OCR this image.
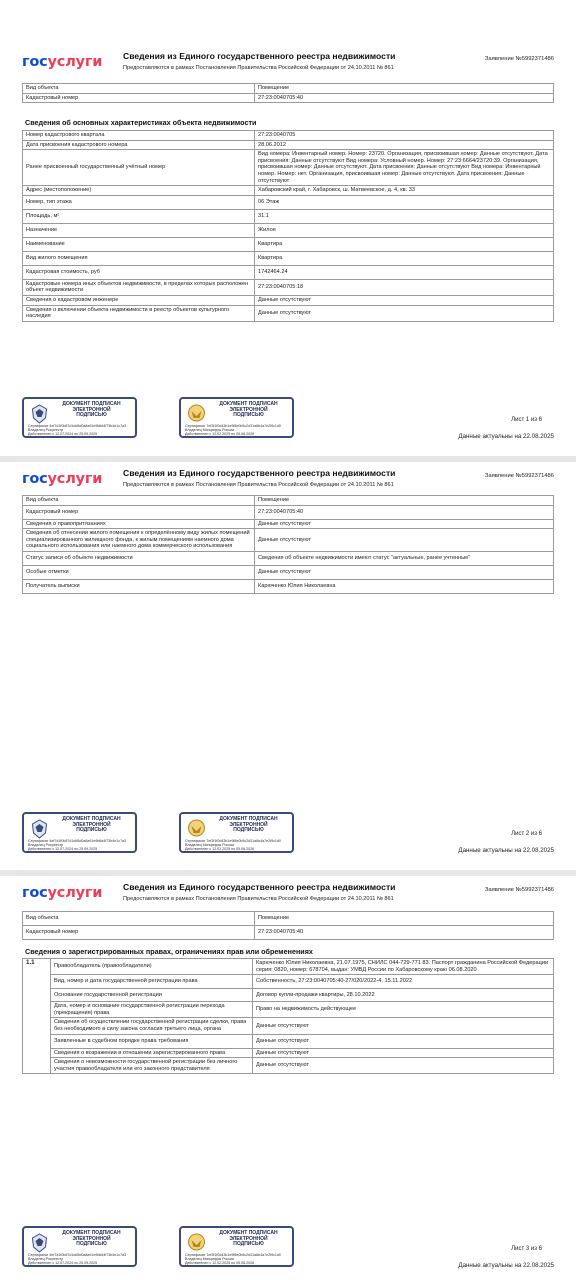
госуслуги Сведения из Единого государственного реестра недвижимости
Предоставляются в рамках Постановления Правительства Российской Федерации от 24.10.2011 № 861
Заявление №5992371486
Вид объекта	Помещение
Кадастровый номер	27:23:0040705:40
Сведения об основных характеристиках объекта недвижимости
Номер кадастрового квартала	27:23:0040705
Дата присвоения кадастрового номера	28.06.2012
Ранее присвоенный государственный учётный номер	Вид номера: Инвентарный номер. Номер: 23720. Организация, присвоившая номер: Данные отсутствуют. Дата присвоения: Данные отсутствуют Вид номера: Условный номер. Номер: 27:23:6664/23720:39. Организация, присвоившая номер: Данные отсутствуют. Дата присвоения: Данные отсутствуют Вид номера: Инвентарный номер. Номер: нет. Организация, присвоившая номер: Данные отсутствуют. Дата присвоения: Данные отсутствуют
Адрес (местоположение)	Хабаровский край, г. Хабаровск, ш. Матвеевское, д. 4, кв. 33
Номер, тип этажа	06 Этаж
Площадь, м²	31.1
Назначение	Жилое
Наименование	Квартира
Вид жилого помещения	Квартира
Кадастровая стоимость, руб	1742464.24
Кадастровые номера иных объектов недвижимости, в пределах которых расположен объект недвижимости	27:23:0040705:18
Сведения о кадастровом инженере	Данные отсутствуют
Сведения о включении объекта недвижимости в реестр объектов культурного наследия	Данные отсутствуют
ДОКУМЕНТ ПОДПИСАН
ЭЛЕКТРОННОЙ
ПОДПИСЬЮ
Сертификат 4ef7d1f0b87d1dd5d0a8a91e9b6d4f73b4e1c7a3
Владелец Росреестр
Действителен с 12.07.2024 по 25.09.2025
ДОКУМЕНТ ПОДПИСАН
ЭЛЕКТРОННОЙ
ПОДПИСЬЮ
Сертификат 7ef3f1f0d43b1e9f8e0b5c2d31a6b4a7e2f9c1d0
Владелец Минцифры России
Действителен с 12.02.2025 по 05.06.2026
Лист 1 из 6
Данные актуальны на 22.08.2025
госуслуги Сведения из Единого государственного реестра недвижимости
Предоставляются в рамках Постановления Правительства Российской Федерации от 24.10.2011 № 861
Заявление №5992371486
Вид объекта	Помещение
Кадастровый номер	27:23:0040705:40
Сведения о правопритязаниях	Данные отсутствуют
Сведения об отнесении жилого помещения к определённому виду жилых помещений специализированного жилищного фонда, к жилым помещениям наемного дома социального использования или наемного дома коммерческого использования	Данные отсутствуют
Статус записи об объекте недвижимости	Сведения об объекте недвижимости имеют статус "актуальные, ранее учтенные"
Особые отметки	Данные отсутствуют
Получатель выписки	Карюченко Юлия Николаевна
ДОКУМЕНТ ПОДПИСАН
ЭЛЕКТРОННОЙ
ПОДПИСЬЮ
Сертификат 4ef7d1f0b87d1dd5d0a8a91e9b6d4f73b4e1c7a3
Владелец Росреестр
Действителен с 12.07.2024 по 25.09.2025
ДОКУМЕНТ ПОДПИСАН
ЭЛЕКТРОННОЙ
ПОДПИСЬЮ
Сертификат 7ef3f1f0d43b1e9f8e0b5c2d31a6b4a7e2f9c1d0
Владелец Минцифры России
Действителен с 12.02.2025 по 05.06.2026
Лист 2 из 6
Данные актуальны на 22.08.2025
госуслуги Сведения из Единого государственного реестра недвижимости
Предоставляются в рамках Постановления Правительства Российской Федерации от 24.10.2011 № 861
Заявление №5992371486
Вид объекта	Помещение
Кадастровый номер	27:23:0040705:40
Сведения о зарегистрированных правах, ограничениях прав или обременениях
1.1	Правообладатель (правообладатели)	Карюченко Юлия Николаевна, 21.07.1975, СНИЛС 044-729-771 83. Паспорт гражданина Российской Федерации серия: 0820, номер: 678704, выдан: УМВД России по Хабаровскому краю 06.08.2020
	Вид, номер и дата государственной регистрации права	Собственность, 27:23:0040705:40-27/020/2022-4, 15.11.2022
	Основание государственной регистрации	Договор купли-продажи квартиры, 28.10.2022
	Дата, номер и основание государственной регистрации перехода (прекращения) права	Право на недвижимость действующее
	Сведения об осуществлении государственной регистрации сделки, права без необходимого в силу закона согласия третьего лица, органа	Данные отсутствуют
	Заявленные в судебном порядке права требования	Данные отсутствуют
	Сведения о возражении в отношении зарегистрированного права	Данные отсутствуют
	Сведения о невозможности государственной регистрации без личного участия правообладателя или его законного представителя	Данные отсутствуют
ДОКУМЕНТ ПОДПИСАН
ЭЛЕКТРОННОЙ
ПОДПИСЬЮ
Сертификат 4ef7d1f0b87d1dd5d0a8a91e9b6d4f73b4e1c7a3
Владелец Росреестр
Действителен с 12.07.2024 по 25.09.2025
ДОКУМЕНТ ПОДПИСАН
ЭЛЕКТРОННОЙ
ПОДПИСЬЮ
Сертификат 7ef3f1f0d43b1e9f8e0b5c2d31a6b4a7e2f9c1d0
Владелец Минцифры России
Действителен с 12.02.2025 по 05.06.2026
Лист 3 из 6
Данные актуальны на 22.08.2025
